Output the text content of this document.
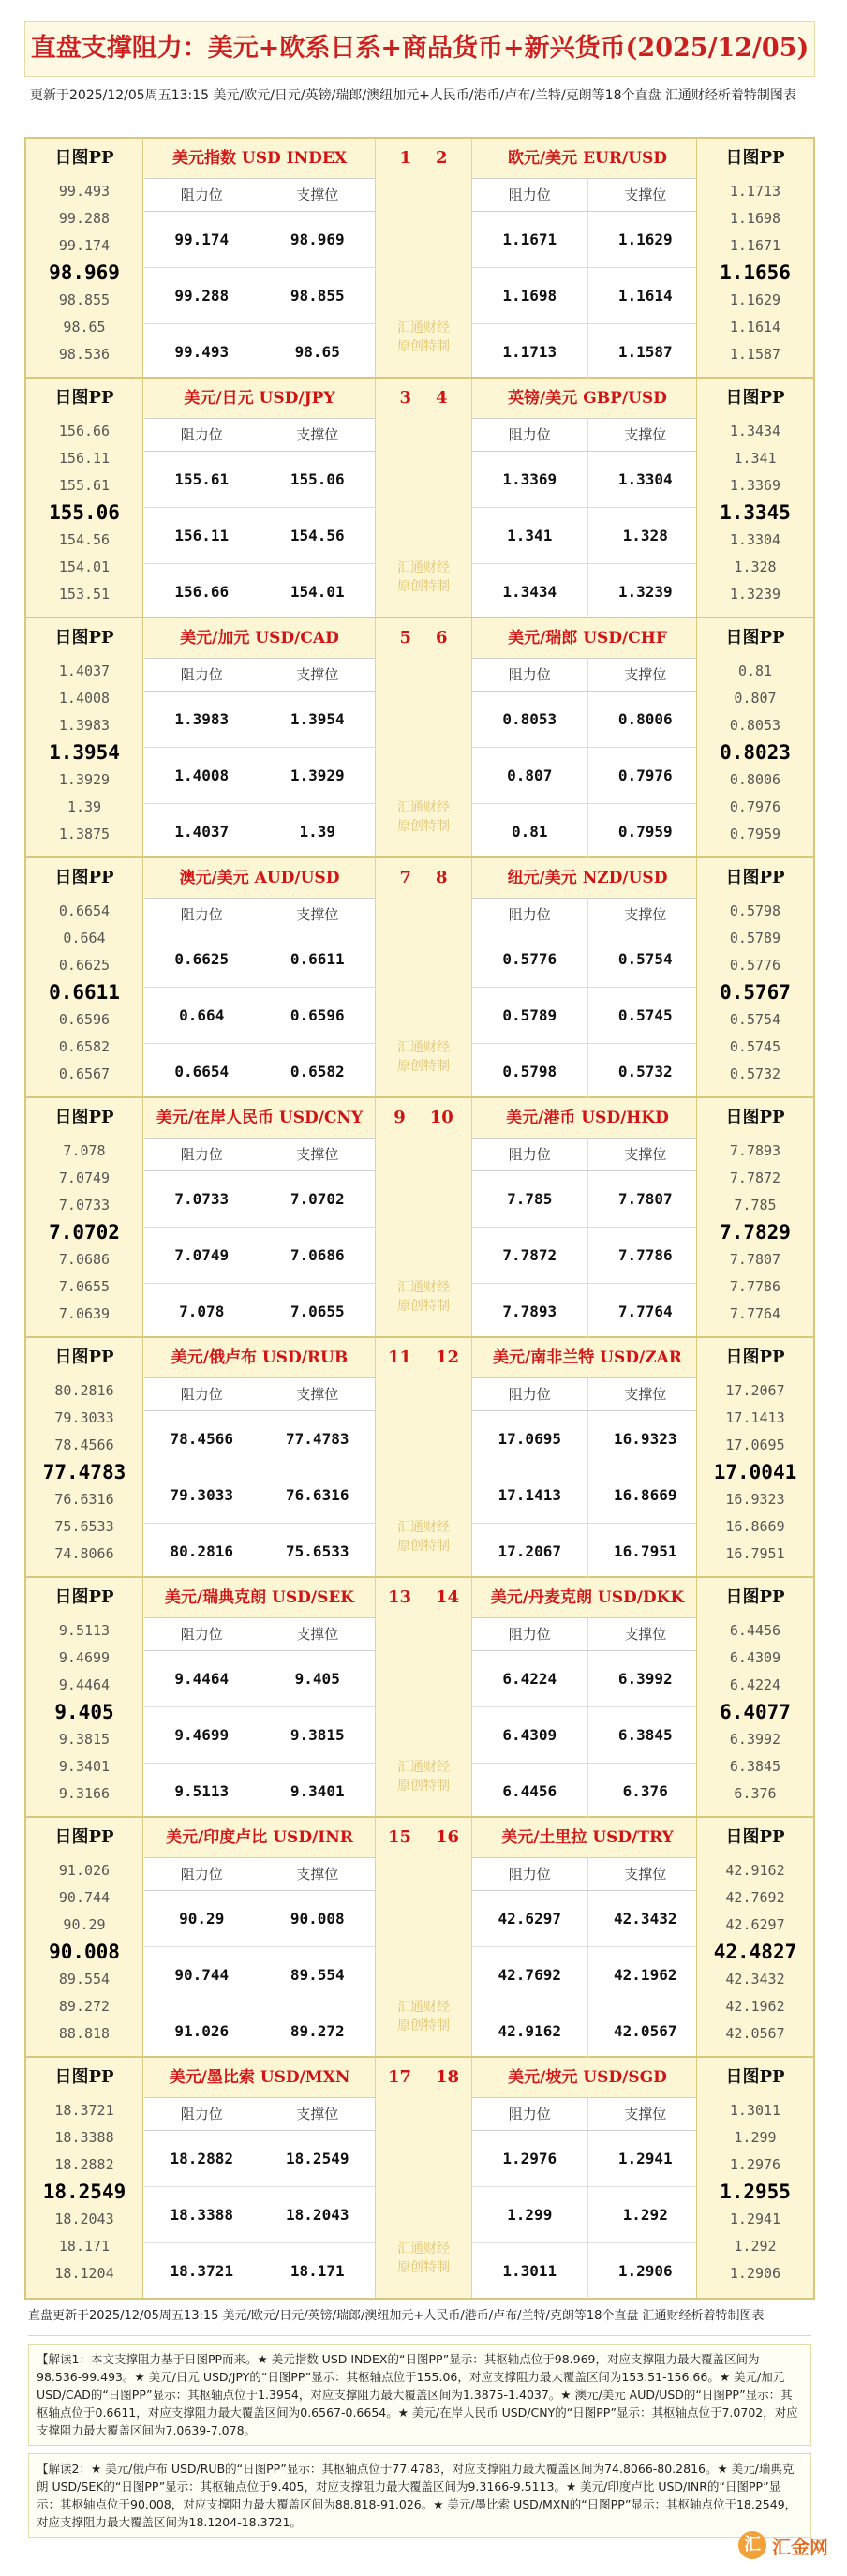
直盘支撑阻力：美元+欧系日系+商品货币+新兴货币(2025/12/05)
更新于2025/12/05周五13:15 美元/欧元/日元/英镑/瑞郎/澳纽加元+人民币/港币/卢布/兰特/克朗等18个直盘 汇通财经析着特制图表
日图PP
99.493
99.288
99.174
98.969
98.855
98.65
98.536
美元指数 USD INDEX
阻力位	支撑位
99.174	98.969
99.288	98.855
99.493	98.65
欧元/美元 EUR/USD
阻力位	支撑位
1.1671	1.1629
1.1698	1.1614
1.1713	1.1587
1 2
汇通财经
原创特制
日图PP
1.1713
1.1698
1.1671
1.1656
1.1629
1.1614
1.1587
日图PP
156.66
156.11
155.61
155.06
154.56
154.01
153.51
美元/日元 USD/JPY
阻力位	支撑位
155.61	155.06
156.11	154.56
156.66	154.01
英镑/美元 GBP/USD
阻力位	支撑位
1.3369	1.3304
1.341	1.328
1.3434	1.3239
3 4
汇通财经
原创特制
日图PP
1.3434
1.341
1.3369
1.3345
1.3304
1.328
1.3239
日图PP
1.4037
1.4008
1.3983
1.3954
1.3929
1.39
1.3875
美元/加元 USD/CAD
阻力位	支撑位
1.3983	1.3954
1.4008	1.3929
1.4037	1.39
美元/瑞郎 USD/CHF
阻力位	支撑位
0.8053	0.8006
0.807	0.7976
0.81	0.7959
5 6
汇通财经
原创特制
日图PP
0.81
0.807
0.8053
0.8023
0.8006
0.7976
0.7959
日图PP
0.6654
0.664
0.6625
0.6611
0.6596
0.6582
0.6567
澳元/美元 AUD/USD
阻力位	支撑位
0.6625	0.6611
0.664	0.6596
0.6654	0.6582
纽元/美元 NZD/USD
阻力位	支撑位
0.5776	0.5754
0.5789	0.5745
0.5798	0.5732
7 8
汇通财经
原创特制
日图PP
0.5798
0.5789
0.5776
0.5767
0.5754
0.5745
0.5732
日图PP
7.078
7.0749
7.0733
7.0702
7.0686
7.0655
7.0639
美元/在岸人民币 USD/CNY
阻力位	支撑位
7.0733	7.0702
7.0749	7.0686
7.078	7.0655
美元/港币 USD/HKD
阻力位	支撑位
7.785	7.7807
7.7872	7.7786
7.7893	7.7764
9 10
汇通财经
原创特制
日图PP
7.7893
7.7872
7.785
7.7829
7.7807
7.7786
7.7764
日图PP
80.2816
79.3033
78.4566
77.4783
76.6316
75.6533
74.8066
美元/俄卢布 USD/RUB
阻力位	支撑位
78.4566	77.4783
79.3033	76.6316
80.2816	75.6533
美元/南非兰特 USD/ZAR
阻力位	支撑位
17.0695	16.9323
17.1413	16.8669
17.2067	16.7951
11 12
汇通财经
原创特制
日图PP
17.2067
17.1413
17.0695
17.0041
16.9323
16.8669
16.7951
日图PP
9.5113
9.4699
9.4464
9.405
9.3815
9.3401
9.3166
美元/瑞典克朗 USD/SEK
阻力位	支撑位
9.4464	9.405
9.4699	9.3815
9.5113	9.3401
美元/丹麦克朗 USD/DKK
阻力位	支撑位
6.4224	6.3992
6.4309	6.3845
6.4456	6.376
13 14
汇通财经
原创特制
日图PP
6.4456
6.4309
6.4224
6.4077
6.3992
6.3845
6.376
日图PP
91.026
90.744
90.29
90.008
89.554
89.272
88.818
美元/印度卢比 USD/INR
阻力位	支撑位
90.29	90.008
90.744	89.554
91.026	89.272
美元/土里拉 USD/TRY
阻力位	支撑位
42.6297	42.3432
42.7692	42.1962
42.9162	42.0567
15 16
汇通财经
原创特制
日图PP
42.9162
42.7692
42.6297
42.4827
42.3432
42.1962
42.0567
日图PP
18.3721
18.3388
18.2882
18.2549
18.2043
18.171
18.1204
美元/墨比索 USD/MXN
阻力位	支撑位
18.2882	18.2549
18.3388	18.2043
18.3721	18.171
美元/坡元 USD/SGD
阻力位	支撑位
1.2976	1.2941
1.299	1.292
1.3011	1.2906
17 18
汇通财经
原创特制
日图PP
1.3011
1.299
1.2976
1.2955
1.2941
1.292
1.2906
直盘更新于2025/12/05周五13:15 美元/欧元/日元/英镑/瑞郎/澳纽加元+人民币/港币/卢布/兰特/克朗等18个直盘 汇通财经析着特制图表
【解读1：本文支撑阻力基于日图PP而来。★ 美元指数 USD INDEX的“日图PP”显示：其枢轴点位于98.969，对应支撑阻力最大覆盖区间为98.536-99.493。★ 美元/日元 USD/JPY的“日图PP”显示：其枢轴点位于155.06，对应支撑阻力最大覆盖区间为153.51-156.66。★ 美元/加元 USD/CAD的“日图PP”显示：其枢轴点位于1.3954，对应支撑阻力最大覆盖区间为1.3875-1.4037。★ 澳元/美元 AUD/USD的“日图PP”显示：其枢轴点位于0.6611，对应支撑阻力最大覆盖区间为0.6567-0.6654。★ 美元/在岸人民币 USD/CNY的“日图PP”显示：其枢轴点位于7.0702，对应支撑阻力最大覆盖区间为7.0639-7.078。
【解读2：★ 美元/俄卢布 USD/RUB的“日图PP”显示：其枢轴点位于77.4783，对应支撑阻力最大覆盖区间为74.8066-80.2816。★ 美元/瑞典克朗 USD/SEK的“日图PP”显示：其枢轴点位于9.405，对应支撑阻力最大覆盖区间为9.3166-9.5113。★ 美元/印度卢比 USD/INR的“日图PP”显示：其枢轴点位于90.008，对应支撑阻力最大覆盖区间为88.818-91.026。★ 美元/墨比索 USD/MXN的“日图PP”显示：其枢轴点位于18.2549，对应支撑阻力最大覆盖区间为18.1204-18.3721。
汇 汇金网
